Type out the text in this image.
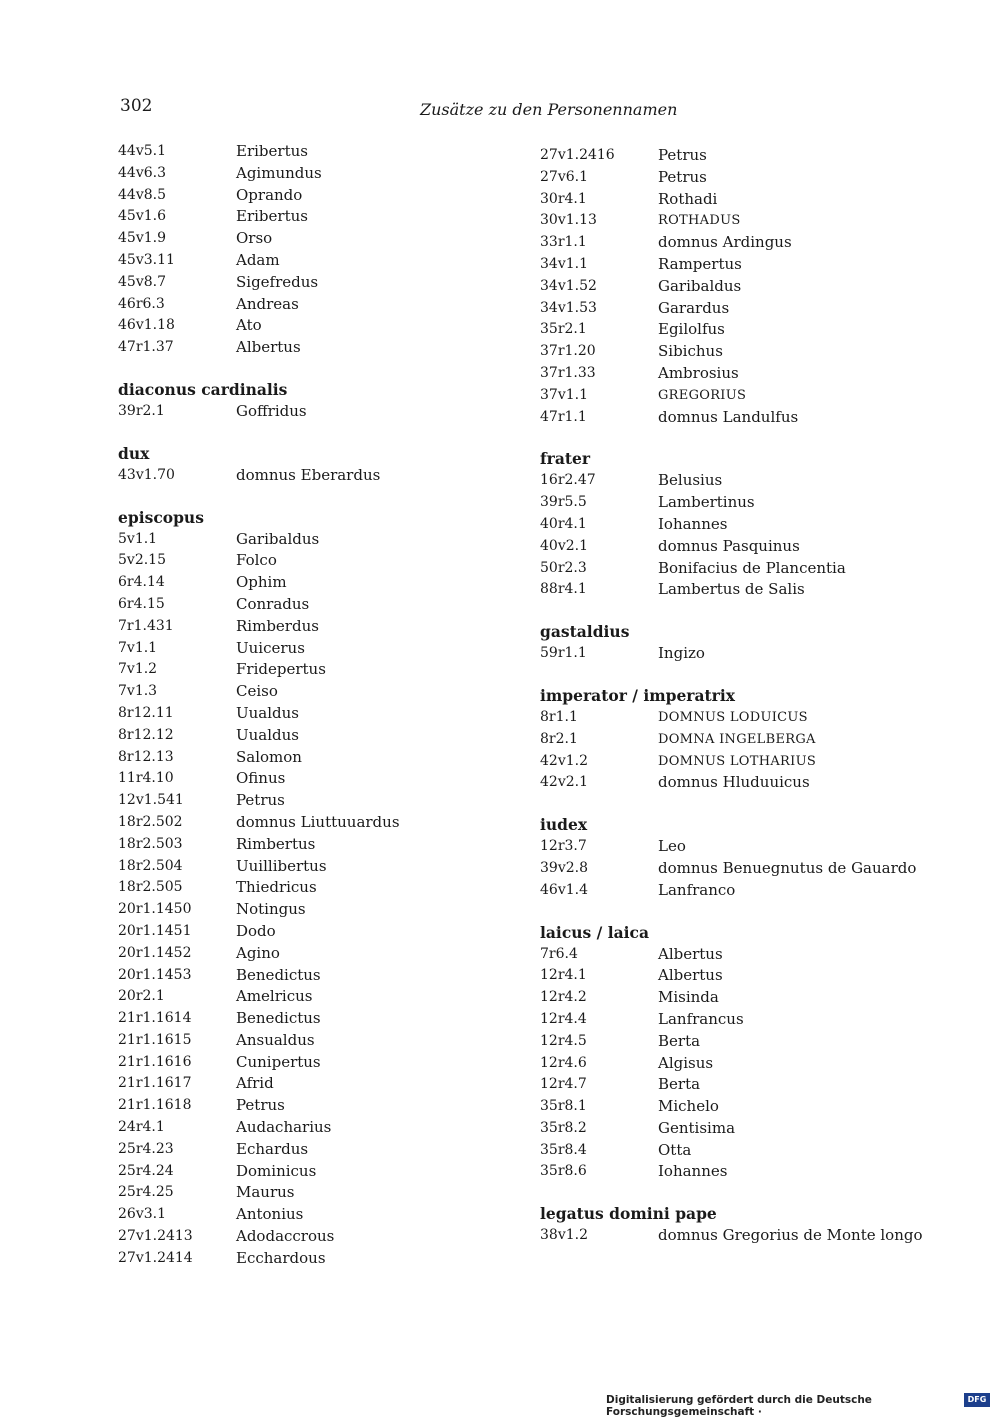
302	Zusätze zu den Personennamen
44v5.1	Eribertus
44v6.3	Agimundus
44v8.5	Oprando
45v1.6	Eribertus
45v1.9	Orso
45v3.11	Adam
45v8.7	Sigefredus
46r6.3	Andreas
46v1.18	Ato
47r1.37	Albertus
diaconus cardinalis
39r2.1	Goffridus
dux
43v1.70	domnus Eberardus
episcopus
5v1.1	Garibaldus
5v2.15	Folco
6r4.14	Ophim
6r4.15	Conradus
7r1.431	Rimberdus
7v1.1	Uuicerus
7v1.2	Fridepertus
7v1.3	Ceiso
8r12.11	Uualdus
8r12.12	Uualdus
8r12.13	Salomon
11r4.10	Ofinus
12v1.541	Petrus
18r2.502	domnus Liuttuuardus
18r2.503	Rimbertus
18r2.504	Uuillibertus
18r2.505	Thiedricus
20r1.1450	Notingus
20r1.1451	Dodo
20r1.1452	Agino
20r1.1453	Benedictus
20r2.1	Amelricus
21r1.1614	Benedictus
21r1.1615	Ansualdus
21r1.1616	Cunipertus
21r1.1617	Afrid
21r1.1618	Petrus
24r4.1	Audacharius
25r4.23	Echardus
25r4.24	Dominicus
25r4.25	Maurus
26v3.1	Antonius
27v1.2413	Adodaccrous
27v1.2414	Ecchardous
27v1.2416	Petrus
27v6.1	Petrus
30r4.1	Rothadi
30v1.13	ROTHADUS
33r1.1	domnus Ardingus
34v1.1	Rampertus
34v1.52	Garibaldus
34v1.53	Garardus
35r2.1	Egilolfus
37r1.20	Sibichus
37r1.33	Ambrosius
37v1.1	GREGORIUS
47r1.1	domnus Landulfus
frater
16r2.47	Belusius
39r5.5	Lambertinus
40r4.1	Iohannes
40v2.1	domnus Pasquinus
50r2.3	Bonifacius de Plancentia
88r4.1	Lambertus de Salis
gastaldius
59r1.1	Ingizo
imperator / imperatrix
8r1.1	DOMNUS LODUICUS
8r2.1	DOMNA INGELBERGA
42v1.2	DOMNUS LOTHARIUS
42v2.1	domnus Hluduuicus
iudex
12r3.7	Leo
39v2.8	domnus Benuegnutus de Gauardo
46v1.4	Lanfranco
laicus / laica
7r6.4	Albertus
12r4.1	Albertus
12r4.2	Misinda
12r4.4	Lanfrancus
12r4.5	Berta
12r4.6	Algisus
12r4.7	Berta
35r8.1	Michelo
35r8.2	Gentisima
35r8.4	Otta
35r8.6	Iohannes
legatus domini pape
38v1.2	domnus Gregorius de Monte longo
Digitalisierung gefördert durch die Deutsche Forschungsgemeinschaft ·
DFG
